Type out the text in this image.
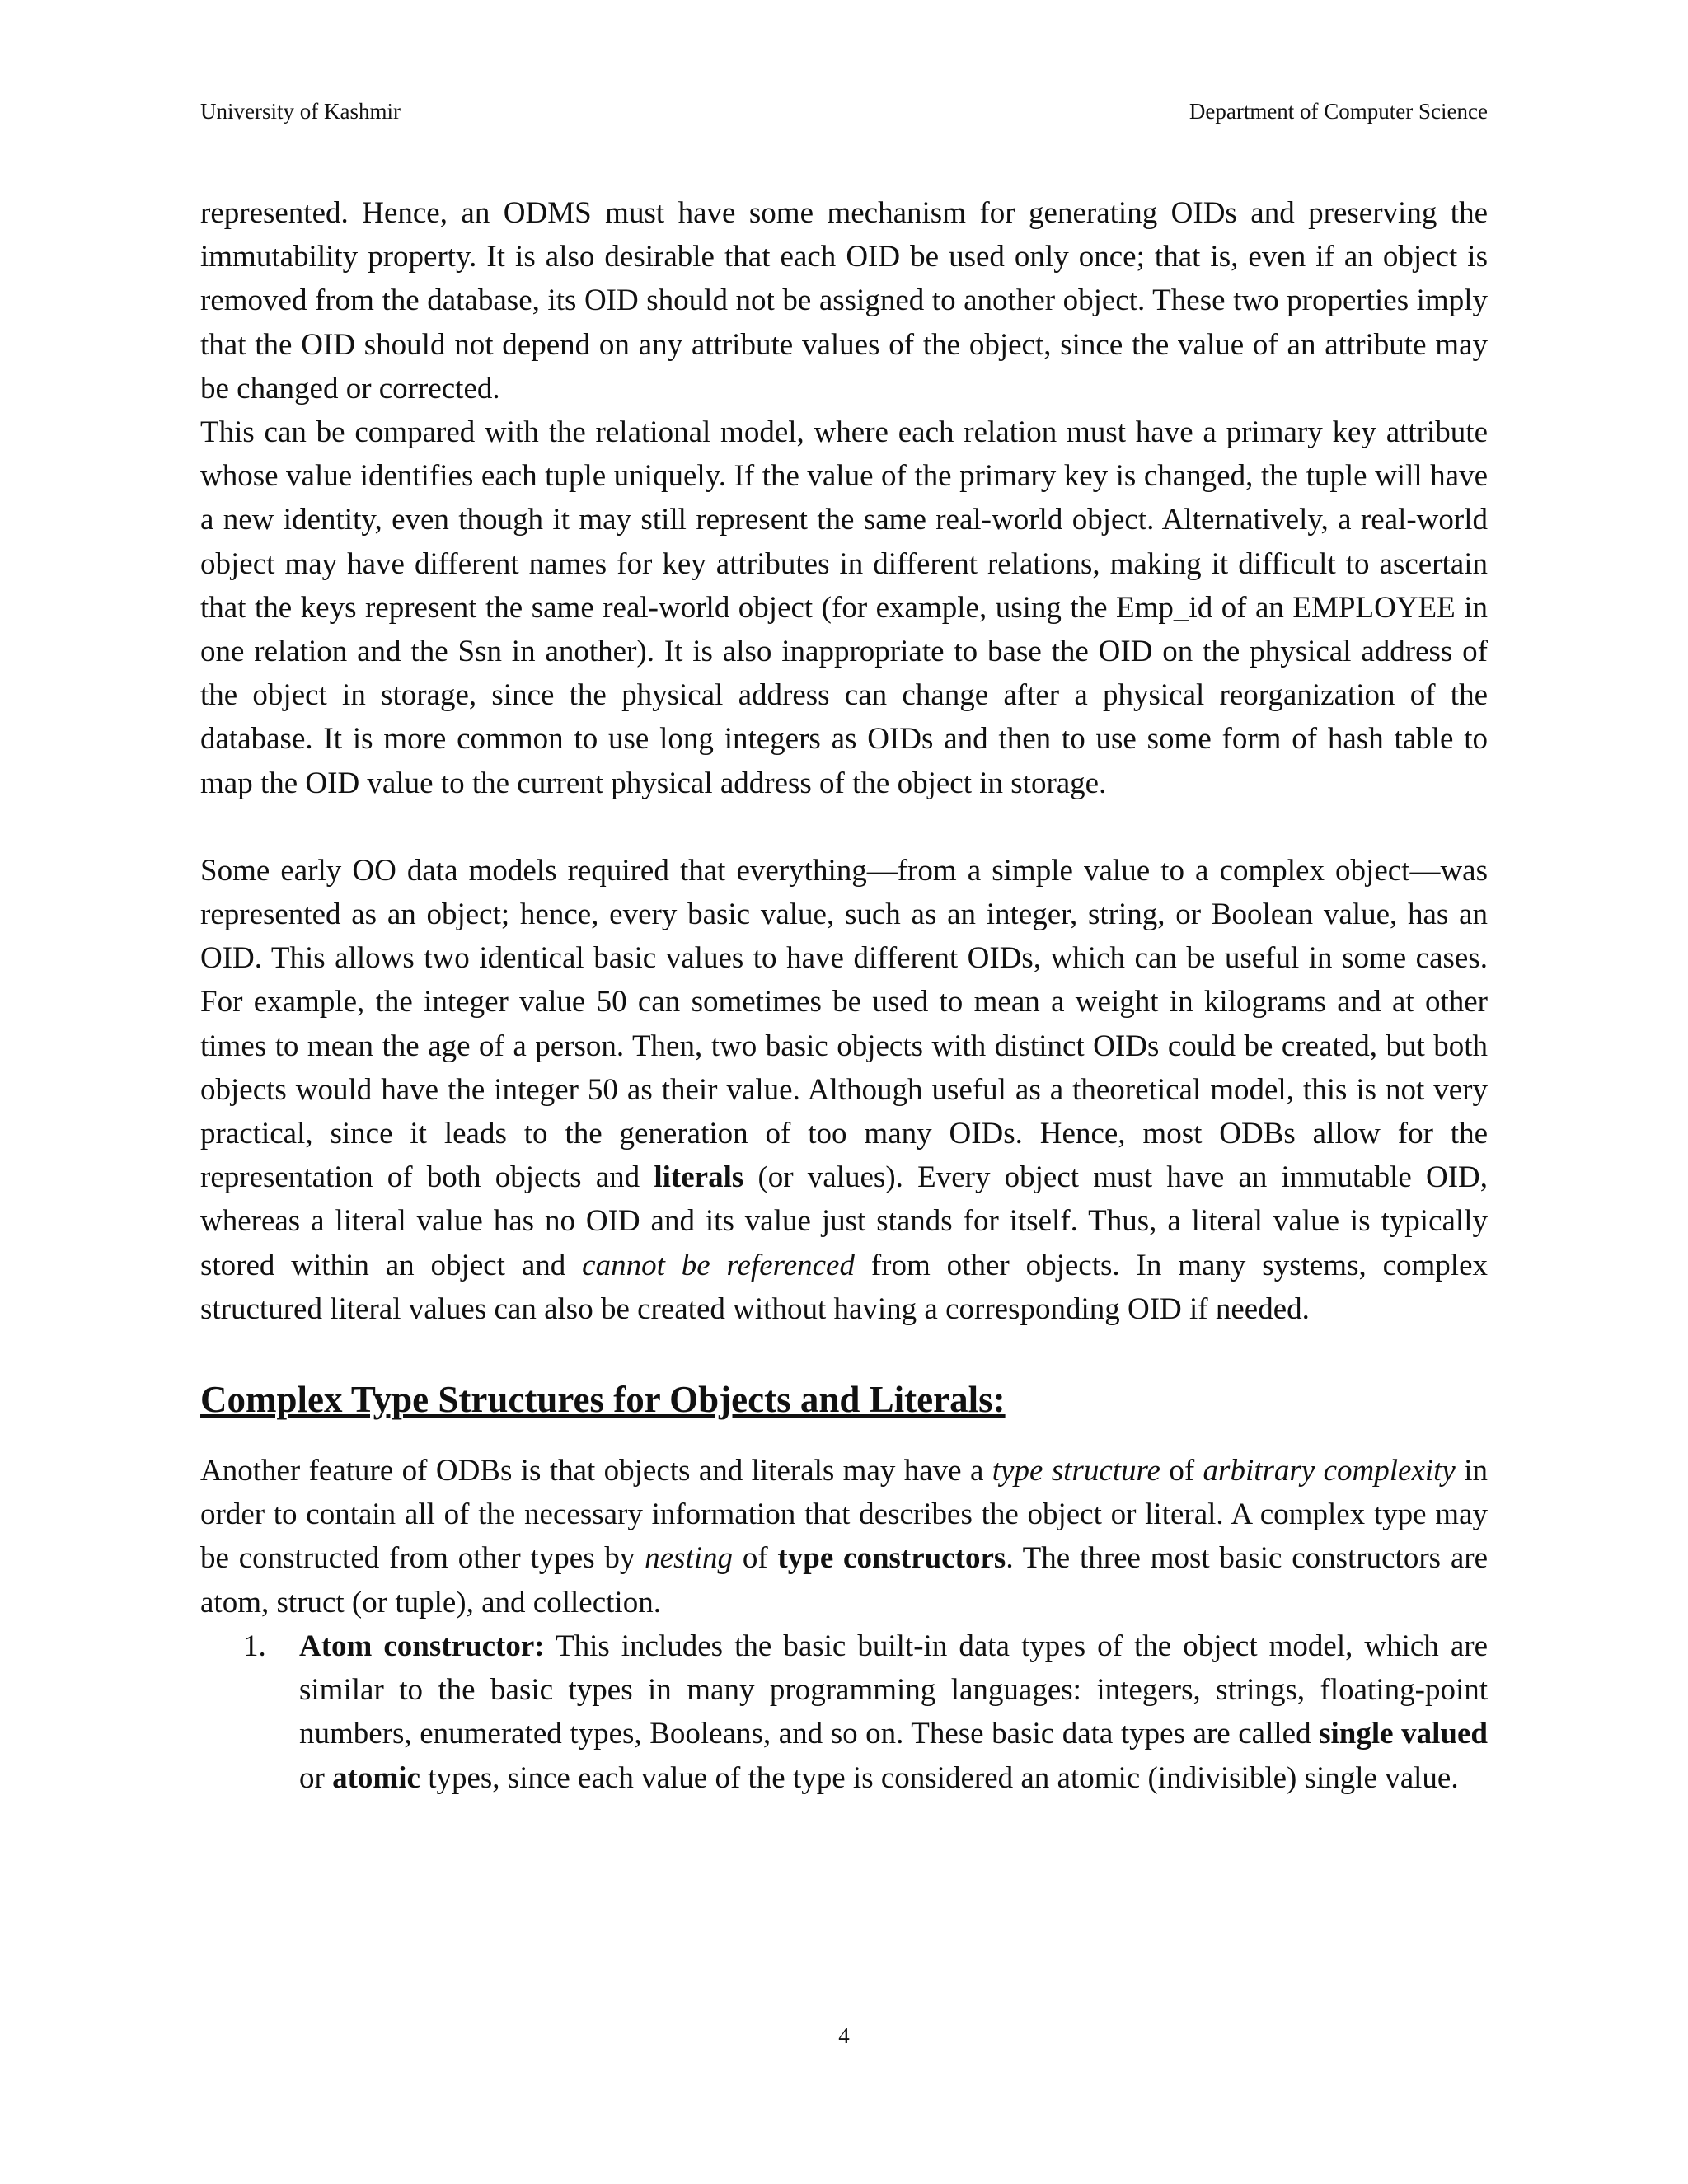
University of Kashmir	Department of Computer Science

represented. Hence, an ODMS must have some mechanism for generating OIDs and preserving the immutability property. It is also desirable that each OID be used only once; that is, even if an object is removed from the database, its OID should not be assigned to another object. These two properties imply that the OID should not depend on any attribute values of the object, since the value of an attribute may be changed or corrected.

This can be compared with the relational model, where each relation must have a primary key attribute whose value identifies each tuple uniquely. If the value of the primary key is changed, the tuple will have a new identity, even though it may still represent the same real-world object. Alternatively, a real-world object may have different names for key attributes in different relations, making it difficult to ascertain that the keys represent the same real-world object (for example, using the Emp_id of an EMPLOYEE in one relation and the Ssn in another). It is also inappropriate to base the OID on the physical address of the object in storage, since the physical address can change after a physical reorganization of the database. It is more common to use long integers as OIDs and then to use some form of hash table to map the OID value to the current physical address of the object in storage.

Some early OO data models required that everything—from a simple value to a complex object—was represented as an object; hence, every basic value, such as an integer, string, or Boolean value, has an OID. This allows two identical basic values to have different OIDs, which can be useful in some cases. For example, the integer value 50 can sometimes be used to mean a weight in kilograms and at other times to mean the age of a person. Then, two basic objects with distinct OIDs could be created, but both objects would have the integer 50 as their value. Although useful as a theoretical model, this is not very practical, since it leads to the generation of too many OIDs. Hence, most ODBs allow for the representation of both objects and literals (or values). Every object must have an immutable OID, whereas a literal value has no OID and its value just stands for itself. Thus, a literal value is typically stored within an object and cannot be referenced from other objects. In many systems, complex structured literal values can also be created without having a corresponding OID if needed.

Complex Type Structures for Objects and Literals:

Another feature of ODBs is that objects and literals may have a type structure of arbitrary complexity in order to contain all of the necessary information that describes the object or literal. A complex type may be constructed from other types by nesting of type constructors. The three most basic constructors are atom, struct (or tuple), and collection.

1. Atom constructor: This includes the basic built-in data types of the object model, which are similar to the basic types in many programming languages: integers, strings, floating-point numbers, enumerated types, Booleans, and so on. These basic data types are called single valued or atomic types, since each value of the type is considered an atomic (indivisible) single value.
4
